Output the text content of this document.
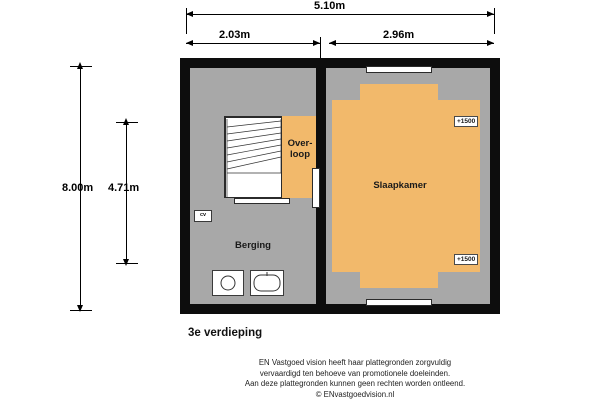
5.10m
2.03m	2.96m
8.00m 4.71m
cv
Over-
loop
Berging
Slaapkamer
+1500
+1500
3e verdieping
EN Vastgoed vision heeft haar plattegronden zorgvuldig
vervaardigd ten behoeve van promotionele doeleinden.
Aan deze plattegronden kunnen geen rechten worden ontleend.
© ENvastgoedvision.nl
